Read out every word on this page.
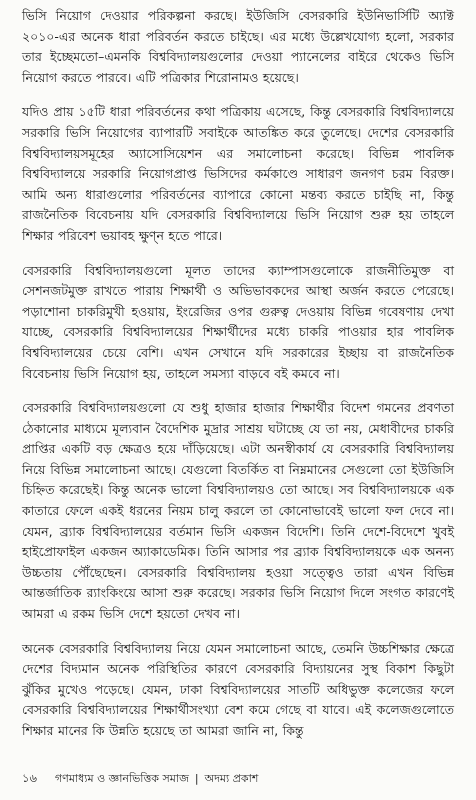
ভিসি নিয়োগ দেওয়ার পরিকল্পনা করছে। ইউজিসি বেসরকারি ইউনিভার্সিটি অ্যাক্ট ২০১০-এর অনেক ধারা পরিবর্তন করতে চাইছে। এর মধ্যে উল্লেখযোগ্য হলো, সরকার তার ইচ্ছেমতো–এমনকি বিশ্ববিদ্যালয়গুলোর দেওয়া প্যানেলের বাইরে থেকেও ভিসি নিয়োগ করতে পারবে। এটি পত্রিকার শিরোনামও হয়েছে।

যদিও প্রায় ১৫টি ধারা পরিবর্তনের কথা পত্রিকায় এসেছে, কিন্তু বেসরকারি বিশ্ববিদ্যালয়ে সরকারি ভিসি নিয়োগের ব্যাপারটি সবাইকে আতঙ্কিত করে তুলেছে। দেশের বেসরকারি বিশ্ববিদ্যালয়সমূহের অ্যাসোসিয়েশন এর সমালোচনা করেছে। বিভিন্ন পাবলিক বিশ্ববিদ্যালয়ে সরকারি নিয়োগপ্রাপ্ত ভিসিদের কর্মকাণ্ডে সাধারণ জনগণ চরম বিরক্ত। আমি অন্য ধারাগুলোর পরিবর্তনের ব্যাপারে কোনো মন্তব্য করতে চাইছি না, কিন্তু রাজনৈতিক বিবেচনায় যদি বেসরকারি বিশ্ববিদ্যালয়ে ভিসি নিয়োগ শুরু হয় তাহলে শিক্ষার পরিবেশ ভয়াবহ ক্ষুণ্ন হতে পারে।

বেসরকারি বিশ্ববিদ্যালয়গুলো মূলত তাদের ক্যাম্পাসগুলোকে রাজনীতিমুক্ত বা সেশনজটমুক্ত রাখতে পারায় শিক্ষার্থী ও অভিভাবকদের আস্থা অর্জন করতে পেরেছে। পড়াশোনা চাকরিমুখী হওয়ায়, ইংরেজির ওপর গুরুত্ব দেওয়ায় বিভিন্ন গবেষণায় দেখা যাচ্ছে, বেসরকারি বিশ্ববিদ্যালয়ের শিক্ষার্থীদের মধ্যে চাকরি পাওয়ার হার পাবলিক বিশ্ববিদ্যালয়ের চেয়ে বেশি। এখন সেখানে যদি সরকারের ইচ্ছায় বা রাজনৈতিক বিবেচনায় ভিসি নিয়োগ হয়, তাহলে সমস্যা বাড়বে বই কমবে না।

বেসরকারি বিশ্ববিদ্যালয়গুলো যে শুধু হাজার হাজার শিক্ষার্থীর বিদেশ গমনের প্রবণতা ঠেকানোর মাধ্যমে মূল্যবান বৈদেশিক মুদ্রার সাশ্রয় ঘটাচ্ছে যে তা নয়, মেধাবীদের চাকরি প্রাপ্তির একটি বড় ক্ষেত্রও হয়ে দাঁড়িয়েছে। এটা অনস্বীকার্য যে বেসরকারি বিশ্ববিদ্যালয় নিয়ে বিভিন্ন সমালোচনা আছে। যেগুলো বিতর্কিত বা নিম্নমানের সেগুলো তো ইউজিসি চিহ্নিত করেছেই। কিন্তু অনেক ভালো বিশ্ববিদ্যালয়ও তো আছে। সব বিশ্ববিদ্যালয়কে এক কাতারে ফেলে একই ধরনের নিয়ম চালু করলে তা কোনোভাবেই ভালো ফল দেবে না। যেমন, ব্র্যাক বিশ্ববিদ্যালয়ের বর্তমান ভিসি একজন বিদেশি। তিনি দেশে-বিদেশে খুবই হাইপ্রোফাইল একজন অ্যাকাডেমিক। তিনি আসার পর ব্র্যাক বিশ্ববিদ্যালয়কে এক অনন্য উচ্চতায় পৌঁছেছেন। বেসরকারি বিশ্ববিদ্যালয় হওয়া সত্ত্বেও তারা এখন বিভিন্ন আন্তর্জাতিক র‍্যাংকিংয়ে আসা শুরু করেছে। সরকার ভিসি নিয়োগ দিলে সংগত কারণেই আমরা এ রকম ভিসি দেশে হয়তো দেখব না।

অনেক বেসরকারি বিশ্ববিদ্যালয় নিয়ে যেমন সমালোচনা আছে, তেমনি উচ্চশিক্ষার ক্ষেত্রে দেশের বিদ্যমান অনেক পরিস্থিতির কারণে বেসরকারি বিদ্যায়নের সুস্থ বিকাশ কিছুটা ঝুঁকির মুখেও পড়েছে। যেমন, ঢাকা বিশ্ববিদ্যালয়ের সাতটি অধিভুক্ত কলেজের ফলে বেসরকারি বিশ্ববিদ্যালয়ের শিক্ষার্থীসংখ্যা বেশ কমে গেছে বা যাবে। এই কলেজগুলোতে শিক্ষার মানের কি উন্নতি হয়েছে তা আমরা জানি না, কিন্তু

১৬ গণমাধ্যম ও জ্ঞানভিত্তিক সমাজ | অদম্য প্রকাশ
